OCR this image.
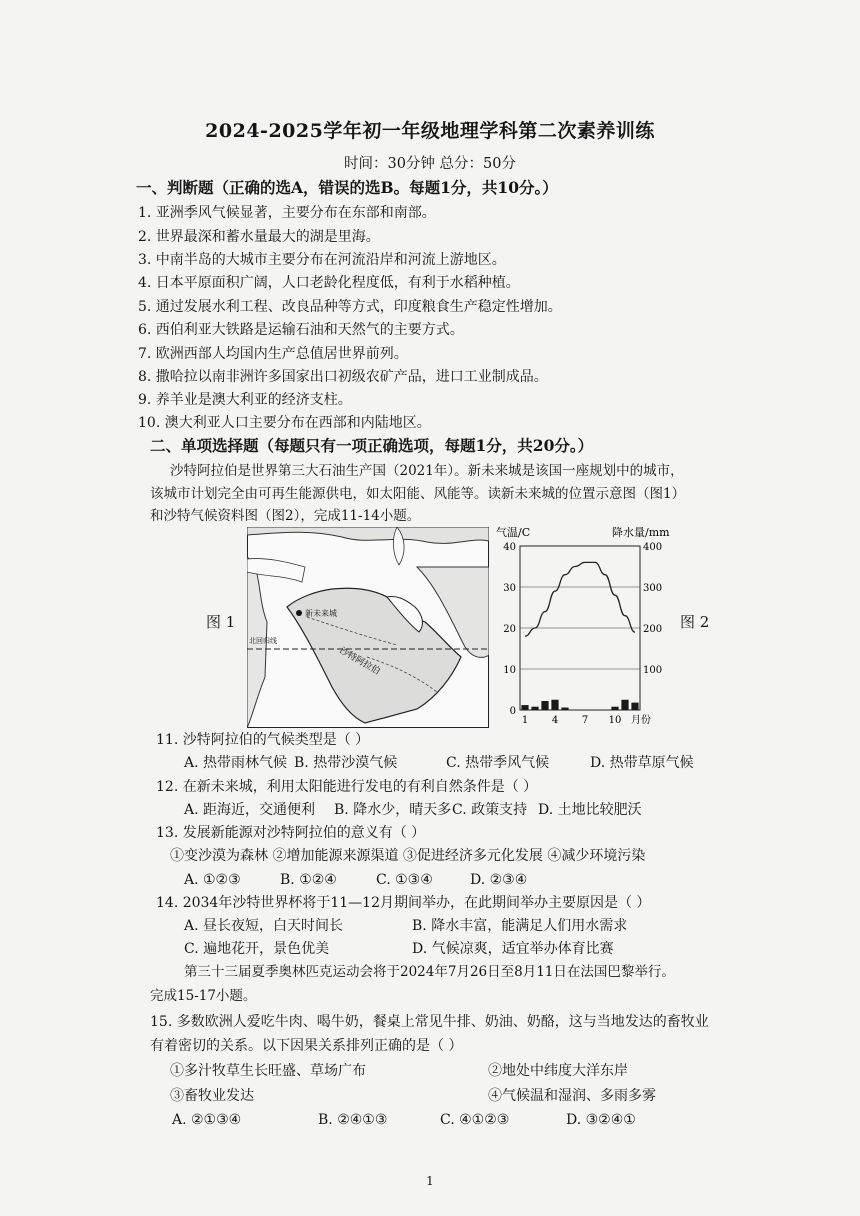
2024-2025学年初一年级地理学科第二次素养训练
时间：30分钟 总分：50分
一、判断题（正确的选A，错误的选B。每题1分，共10分。）
1. 亚洲季风气候显著，主要分布在东部和南部。
2. 世界最深和蓄水量最大的湖是里海。
3. 中南半岛的大城市主要分布在河流沿岸和河流上游地区。
4. 日本平原面积广阔，人口老龄化程度低，有利于水稻种植。
5. 通过发展水利工程、改良品种等方式，印度粮食生产稳定性增加。
6. 西伯利亚大铁路是运输石油和天然气的主要方式。
7. 欧洲西部人均国内生产总值居世界前列。
8. 撒哈拉以南非洲许多国家出口初级农矿产品，进口工业制成品。
9. 养羊业是澳大利亚的经济支柱。
10. 澳大利亚人口主要分布在西部和内陆地区。
二、单项选择题（每题只有一项正确选项，每题1分，共20分。）
沙特阿拉伯是世界第三大石油生产国（2021年）。新未来城是该国一座规划中的城市，
该城市计划完全由可再生能源供电，如太阳能、风能等。读新未来城的位置示意图（图1）
和沙特气候资料图（图2），完成11-14小题。
图 1	新未来城
沙特阿拉伯
北回归线
气温/C	降水量/mm
0
10
20
30
40
100
200
300
400
1 4 7 10 月份
图 2
11. 沙特阿拉伯的气候类型是（ ）
A. 热带雨林气候 B. 热带沙漠气候	C. 热带季风气候	D. 热带草原气候
12. 在新未来城，利用太阳能进行发电的有利自然条件是（ ）
A. 距海近，交通便利 B. 降水少，晴天多C. 政策支持 D. 土地比较肥沃
13. 发展新能源对沙特阿拉伯的意义有（ ）
①变沙漠为森林 ②增加能源来源渠道 ③促进经济多元化发展 ④减少环境污染
A. ①②③	B. ①②④	C. ①③④	D. ②③④
14. 2034年沙特世界杯将于11—12月期间举办，在此期间举办主要原因是（ ）
A. 昼长夜短，白天时间长	B. 降水丰富，能满足人们用水需求
C. 遍地花开，景色优美	D. 气候凉爽，适宜举办体育比赛
第三十三届夏季奥林匹克运动会将于2024年7月26日至8月11日在法国巴黎举行。
完成15-17小题。
15. 多数欧洲人爱吃牛肉、喝牛奶，餐桌上常见牛排、奶油、奶酪，这与当地发达的畜牧业
有着密切的关系。以下因果关系排列正确的是（ ）
①多汁牧草生长旺盛、草场广布	②地处中纬度大洋东岸
③畜牧业发达	④气候温和湿润、多雨多雾
A. ②①③④	B. ②④①③	C. ④①②③	D. ③②④①
1
